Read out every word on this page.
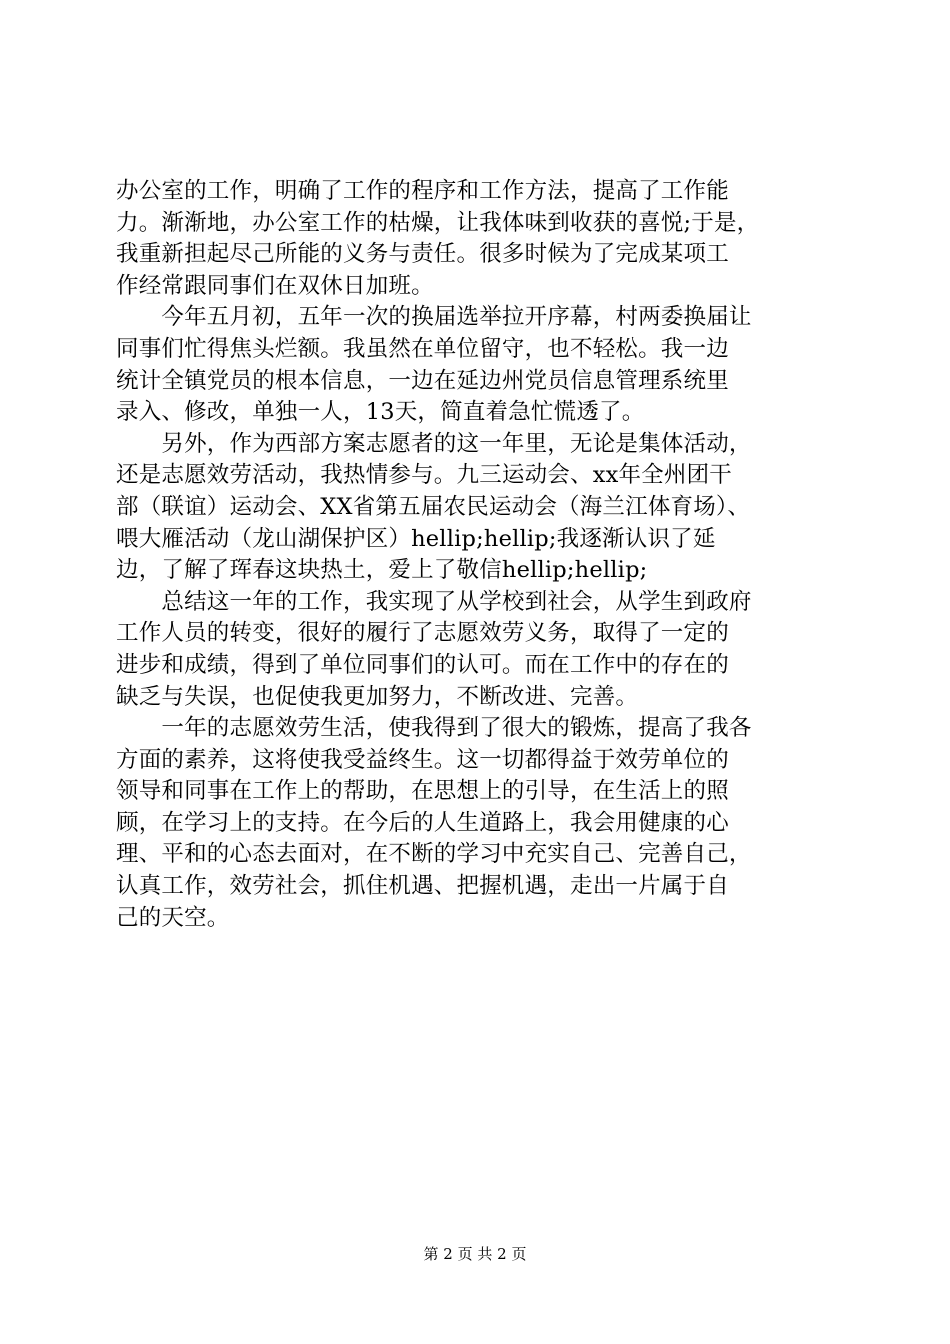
办公室的工作，明确了工作的程序和工作方法，提高了工作能
力。渐渐地，办公室工作的枯燥，让我体味到收获的喜悦;于是，
我重新担起尽己所能的义务与责任。很多时候为了完成某项工
作经常跟同事们在双休日加班。
　　今年五月初，五年一次的换届选举拉开序幕，村两委换届让
同事们忙得焦头烂额。我虽然在单位留守，也不轻松。我一边
统计全镇党员的根本信息，一边在延边州党员信息管理系统里
录入、修改，单独一人，13天，简直着急忙慌透了。
　　另外，作为西部方案志愿者的这一年里，无论是集体活动，
还是志愿效劳活动，我热情参与。九三运动会、xx年全州团干
部（联谊）运动会、XX省第五届农民运动会（海兰江体育场）、
喂大雁活动（龙山湖保护区）hellip;hellip;我逐渐认识了延
边，了解了珲春这块热土，爱上了敬信hellip;hellip;
　　总结这一年的工作，我实现了从学校到社会，从学生到政府
工作人员的转变，很好的履行了志愿效劳义务，取得了一定的
进步和成绩，得到了单位同事们的认可。而在工作中的存在的
缺乏与失误，也促使我更加努力，不断改进、完善。
　　一年的志愿效劳生活，使我得到了很大的锻炼，提高了我各
方面的素养，这将使我受益终生。这一切都得益于效劳单位的
领导和同事在工作上的帮助，在思想上的引导，在生活上的照
顾，在学习上的支持。在今后的人生道路上，我会用健康的心
理、平和的心态去面对，在不断的学习中充实自己、完善自己，
认真工作，效劳社会，抓住机遇、把握机遇，走出一片属于自
己的天空。
第 2 页 共 2 页
